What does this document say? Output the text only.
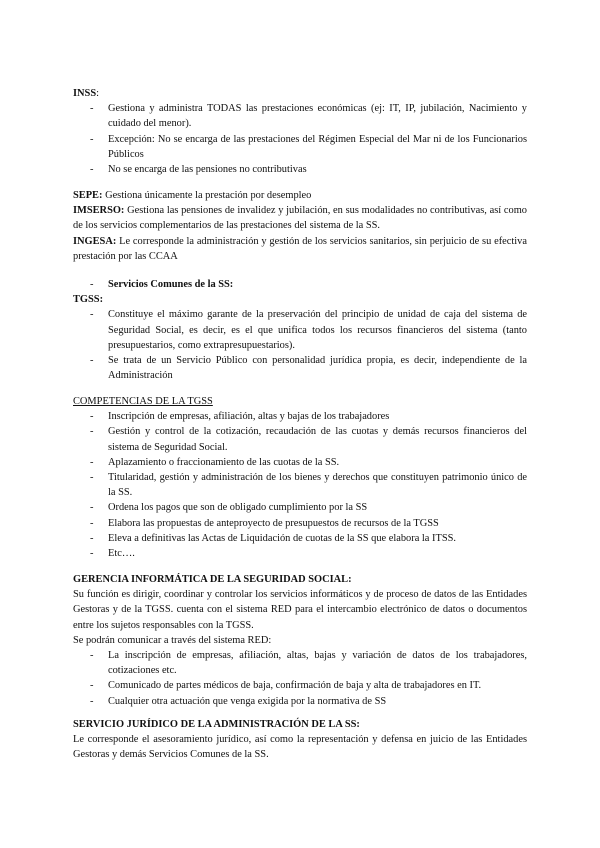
INSS:

- Gestiona y administra TODAS las prestaciones económicas (ej: IT, IP, jubilación, Nacimiento y cuidado del menor).
- Excepción: No se encarga de las prestaciones del Régimen Especial del Mar ni de los Funcionarios Públicos
- No se encarga de las pensiones no contributivas

SEPE: Gestiona únicamente la prestación por desempleo

IMSERSO: Gestiona las pensiones de invalidez y jubilación, en sus modalidades no contributivas, así como de los servicios complementarios de las prestaciones del sistema de la SS.

INGESA: Le corresponde la administración y gestión de los servicios sanitarios, sin perjuicio de su efectiva prestación por las CCAA

- Servicios Comunes de la SS:

TGSS:

- Constituye el máximo garante de la preservación del principio de unidad de caja del sistema de Seguridad Social, es decir, es el que unifica todos los recursos financieros del sistema (tanto presupuestarios, como extrapresupuestarios).
- Se trata de un Servicio Público con personalidad jurídica propia, es decir, independiente de la Administración

COMPETENCIAS DE LA TGSS

- Inscripción de empresas, afiliación, altas y bajas de los trabajadores
- Gestión y control de la cotización, recaudación de las cuotas y demás recursos financieros del sistema de Seguridad Social.
- Aplazamiento o fraccionamiento de las cuotas de la SS.
- Titularidad, gestión y administración de los bienes y derechos que constituyen patrimonio único de la SS.
- Ordena los pagos que son de obligado cumplimiento por la SS
- Elabora las propuestas de anteproyecto de presupuestos de recursos de la TGSS
- Eleva a definitivas las Actas de Liquidación de cuotas de la SS que elabora la ITSS.
- Etc….

GERENCIA INFORMÁTICA DE LA SEGURIDAD SOCIAL:

Su función es dirigir, coordinar y controlar los servicios informáticos y de proceso de datos de las Entidades Gestoras y de la TGSS. cuenta con el sistema RED para el intercambio electrónico de datos o documentos entre los sujetos responsables con la TGSS.

Se podrán comunicar a través del sistema RED:

- La inscripción de empresas, afiliación, altas, bajas y variación de datos de los trabajadores, cotizaciones etc.
- Comunicado de partes médicos de baja, confirmación de baja y alta de trabajadores en IT.
- Cualquier otra actuación que venga exigida por la normativa de SS

SERVICIO JURÍDICO DE LA ADMINISTRACIÓN DE LA SS:

Le corresponde el asesoramiento jurídico, así como la representación y defensa en juicio de las Entidades Gestoras y demás Servicios Comunes de la SS.
